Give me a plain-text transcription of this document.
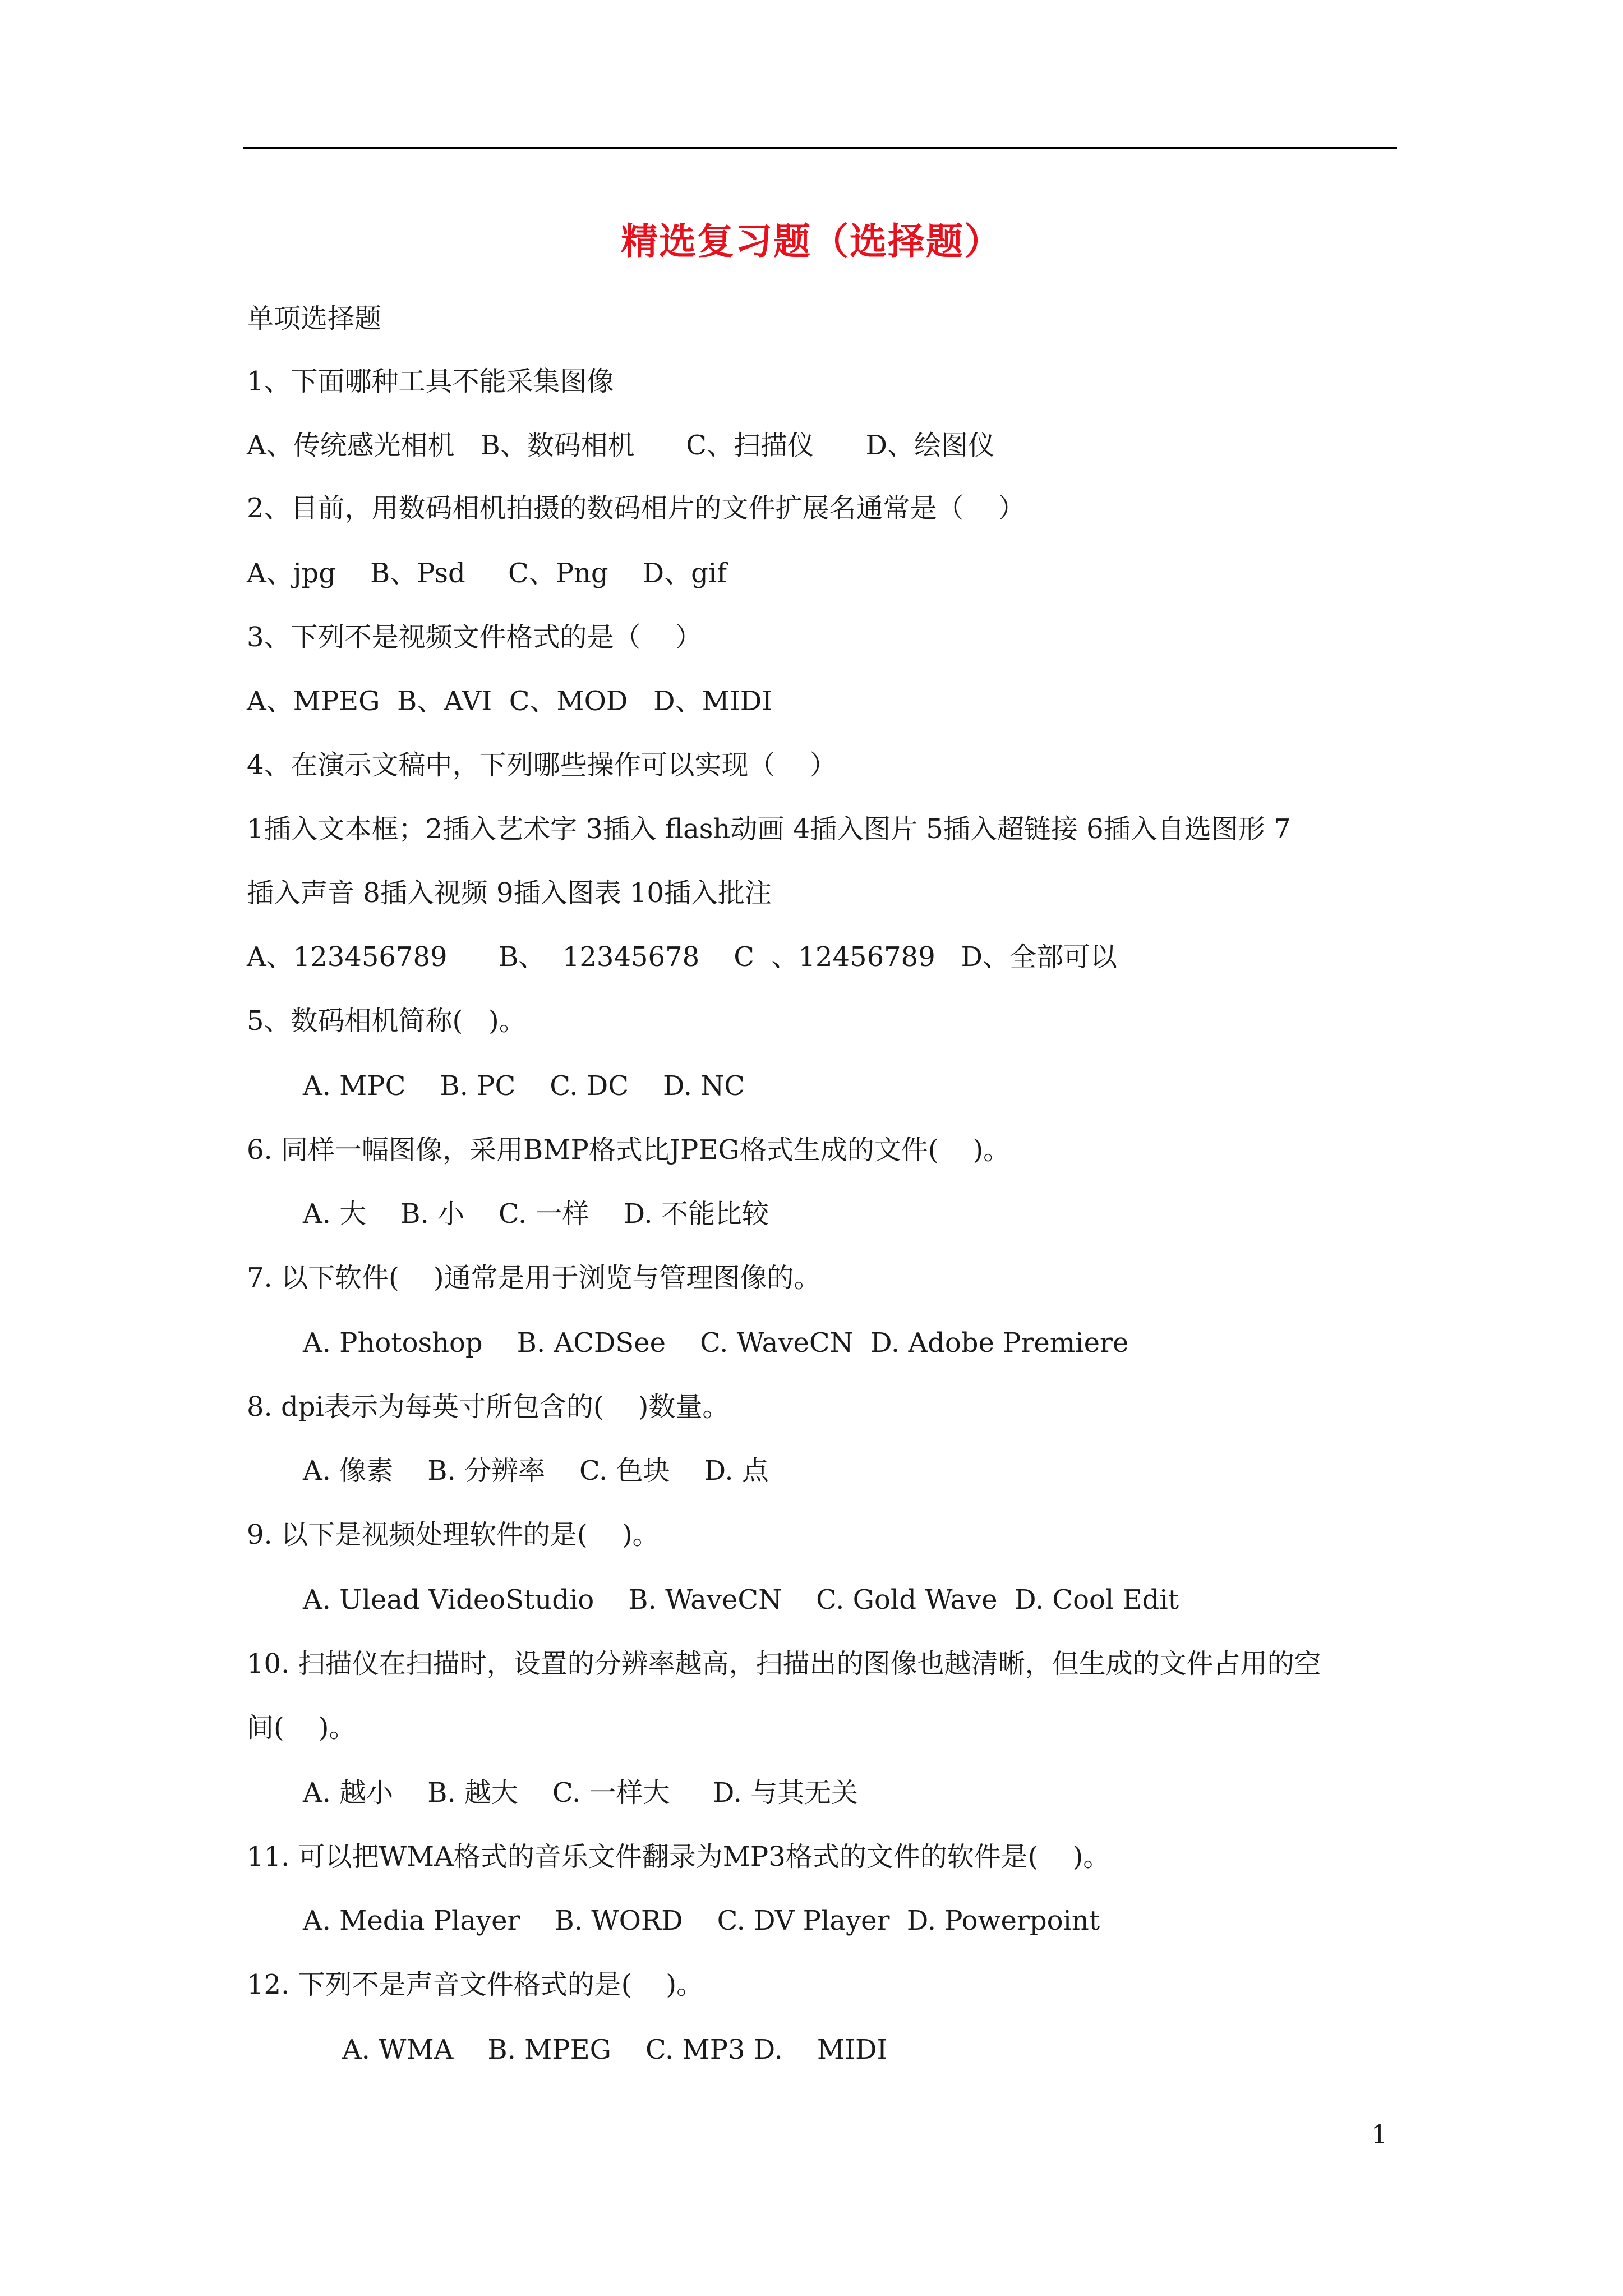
精选复习题（选择题）
单项选择题
1、下面哪种工具不能采集图像
A、传统感光相机   B、数码相机      C、扫描仪      D、绘图仪
2、目前，用数码相机拍摄的数码相片的文件扩展名通常是（    ）
A、jpg    B、Psd     C、Png    D、gif
3、下列不是视频文件格式的是（    ）
A、MPEG  B、AVI  C、MOD   D、MIDI
4、在演示文稿中，下列哪些操作可以实现（    ）
1插入文本框；2插入艺术字 3插入 flash动画 4插入图片 5插入超链接 6插入自选图形 7
插入声音 8插入视频 9插入图表 10插入批注
A、123456789      B、  12345678    C  、12456789   D、全部可以
5、数码相机简称(   )。
A. MPC    B. PC    C. DC    D. NC
6. 同样一幅图像，采用BMP格式比JPEG格式生成的文件(    )。
A. 大    B. 小    C. 一样    D. 不能比较
7. 以下软件(    )通常是用于浏览与管理图像的。
A. Photoshop    B. ACDSee    C. WaveCN  D. Adobe Premiere
8. dpi表示为每英寸所包含的(    )数量。
A. 像素    B. 分辨率    C. 色块    D. 点
9. 以下是视频处理软件的是(    )。
A. Ulead VideoStudio    B. WaveCN    C. Gold Wave  D. Cool Edit
10. 扫描仪在扫描时，设置的分辨率越高，扫描出的图像也越清晰，但生成的文件占用的空
间(    )。
A. 越小    B. 越大    C. 一样大     D. 与其无关
11. 可以把WMA格式的音乐文件翻录为MP3格式的文件的软件是(    )。
A. Media Player    B. WORD    C. DV Player  D. Powerpoint
12. 下列不是声音文件格式的是(    )。
A. WMA    B. MPEG    C. MP3 D.    MIDI
1
